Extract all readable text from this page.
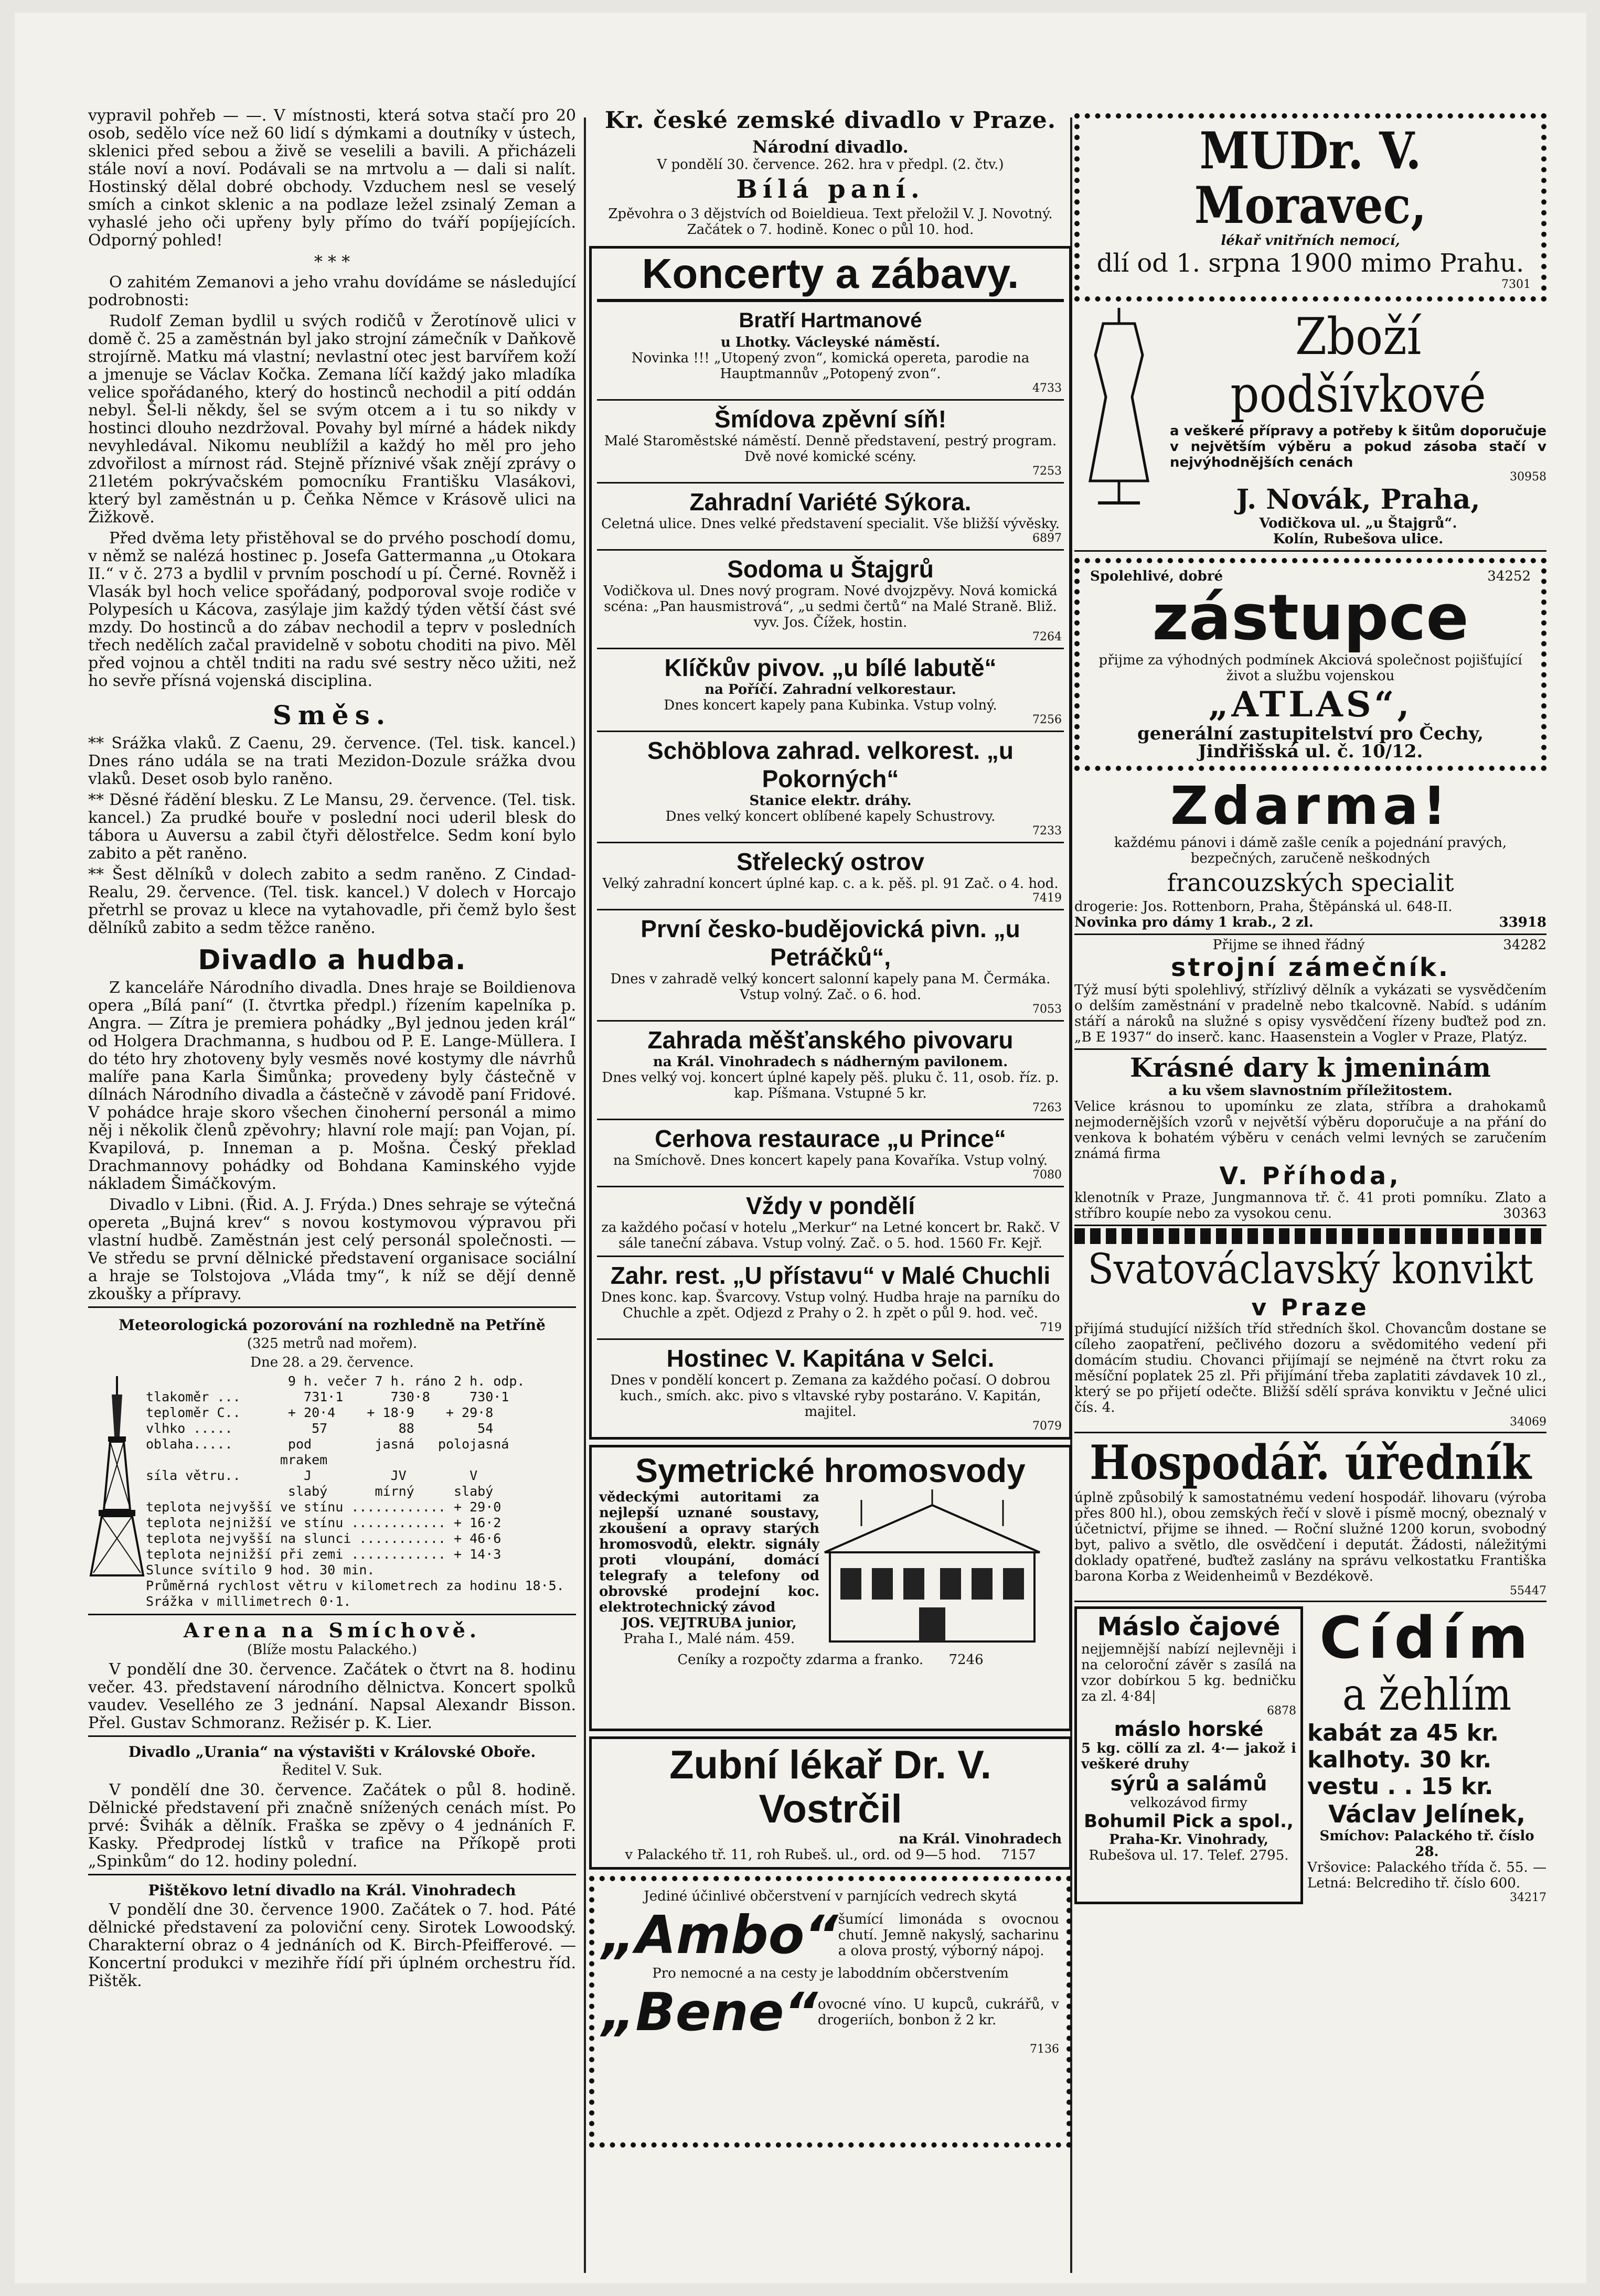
vypravil pohřeb — —. V místnosti, která sotva stačí pro 20 osob, sedělo více než 60 lidí s dýmkami a doutníky v ústech, sklenici před sebou a živě se veselili a bavili. A přicházeli stále noví a noví. Podávali se na mrtvolu a — dali si nalít. Hostinský dělal dobré obchody. Vzduchem nesl se veselý smích a cinkot sklenic a na podlaze ležel zsinalý Zeman a vyhaslé jeho oči upřeny byly přímo do tváří popíjejících. Odporný pohled!

* * *

O zahitém Zemanovi a jeho vrahu dovídáme se následující podrobnosti:

Rudolf Zeman bydlil u svých rodičů v Žerotínově ulici v domě č. 25 a zaměstnán byl jako strojní zámečník v Daňkově strojírně. Matku má vlastní; nevlastní otec jest barvířem koží a jmenuje se Václav Kočka. Zemana líčí každý jako mladíka velice spořádaného, který do hostinců nechodil a pití oddán nebyl. Šel-li někdy, šel se svým otcem a i tu so nikdy v hostinci dlouho nezdržoval. Povahy byl mírné a hádek nikdy nevyhledával. Nikomu neublížil a každý ho měl pro jeho zdvořilost a mírnost rád. Stejně příznivé však znějí zprávy o 21letém pokrývačském pomocníku Františku Vlasákovi, který byl zaměstnán u p. Čeňka Němce v Krásově ulici na Žižkově.

Před dvěma lety přistěhoval se do prvého poschodí domu, v němž se nalézá hostinec p. Josefa Gattermanna „u Otokara II.“ v č. 273 a bydlil v prvním poschodí u pí. Černé. Rovněž i Vlasák byl hoch velice spořádaný, podporoval svoje rodiče v Polypesích u Kácova, zasýlaje jim každý týden větší část své mzdy. Do hostinců a do zábav nechodil a teprv v posledních třech nedělích začal pravidelně v sobotu choditi na pivo. Měl před vojnou a chtěl tnditi na radu své sestry něco užiti, než ho sevře přísná vojenská disciplina.

Směs.

** Srážka vlaků. Z Caenu, 29. července. (Tel. tisk. kancel.) Dnes ráno udála se na trati Mezidon-Dozule srážka dvou vlaků. Deset osob bylo raněno.

** Děsné řádění blesku. Z Le Mansu, 29. července. (Tel. tisk. kancel.) Za prudké bouře v poslední noci uderil blesk do tábora u Auversu a zabil čtyři dělostřelce. Sedm koní bylo zabito a pět raněno.

** Šest dělníků v dolech zabito a sedm raněno. Z Cindad-Realu, 29. července. (Tel. tisk. kancel.) V dolech v Horcajo přetrhl se provaz u klece na vytahovadle, při čemž bylo šest dělníků zabito a sedm těžce raněno.

Divadlo a hudba.

Z kanceláře Národního divadla. Dnes hraje se Boildienova opera „Bílá paní“ (I. čtvrtka předpl.) řízením kapelníka p. Angra. — Zítra je premiera pohádky „Byl jednou jeden král“ od Holgera Drachmanna, s hudbou od P. E. Lange-Müllera. I do této hry zhotoveny byly vesměs nové kostymy dle návrhů malíře pana Karla Šimůnka; provedeny byly částečně v dílnách Národního divadla a částečně v závodě paní Fridové. V pohádce hraje skoro všechen činoherní personál a mimo něj i několik členů zpěvohry; hlavní role mají: pan Vojan, pí. Kvapilová, p. Inneman a p. Mošna. Český překlad Drachmannovy pohádky od Bohdana Kaminského vyjde nákladem Šimáčkovým.

Divadlo v Libni. (Řid. A. J. Frýda.) Dnes sehraje se výtečná opereta „Bujná krev“ s novou kostymovou výpravou při vlastní hudbě. Zaměstnán jest celý personál společnosti. — Ve středu se první dělnické představení organisace sociální a hraje se Tolstojova „Vláda tmy“, k níž se dějí denně zkoušky a přípravy.

Meteorologická pozorování na rozhledně na Petříně
(325 metrů nad mořem).
Dne 28. a 29. července.
9 h. večer 7 h. ráno 2 h. odp.
tlakoměr ...        731·1      730·8     730·1
teploměr C..      + 20·4    + 18·9    + 29·8
vlhko .....          57         88        54
oblaha.....       pod        jasná   polojasná
mrakem
síla větru..        J          JV        V
slabý      mírný     slabý
teplota nejvyšší ve stínu ............ + 29·0
teplota nejnižší ve stínu ............ + 16·2
teplota nejvyšší na slunci ........... + 46·6
teplota nejnižší při zemi ............ + 14·3
Slunce svítilo 9 hod. 30 min.
Průměrná rychlost větru v kilometrech za hodinu 18·5.
Srážka v millimetrech 0·1.
Arena na Smíchově.
(Blíže mostu Palackého.)

V pondělí dne 30. července. Začátek o čtvrt na 8. hodinu večer. 43. představení národního dělnictva. Koncert spolků vaudev. Vesellého ze 3 jednání. Napsal Alexandr Bisson. Přel. Gustav Schmoranz. Režisér p. K. Lier.

Divadlo „Urania“ na výstavišti v Královské Oboře.
Ředitel V. Suk.

V pondělí dne 30. července. Začátek o půl 8. hodině. Dělnické představení při značně snížených cenách míst. Po prvé: Švihák a dělník. Fraška se zpěvy o 4 jednáních F. Kasky. Předprodej lístků v trafice na Příkopě proti „Spinkům“ do 12. hodiny polední.

Pištěkovo letní divadlo na Král. Vinohradech

V pondělí dne 30. července 1900. Začátek o 7. hod. Páté dělnické představení za poloviční ceny. Sirotek Lowoodský. Charakterní obraz o 4 jednáních od K. Birch-Pfeifferové. — Koncertní produkci v mezihře řídí při úplném orchestru říd. Pištěk.

Kr. české zemské divadlo v Praze.
Národní divadlo.

V pondělí 30. července. 262. hra v předpl. (2. čtv.)

Bílá paní.

Zpěvohra o 3 dějstvích od Boieldieua. Text přeložil V. J. Novotný.

Začátek o 7. hodině. Konec o půl 10. hod.

Koncerty a zábavy.
Bratří Hartmanové

u Lhotky. Václeyské náměstí.

Novinka !!! „Utopený zvon“, komická opereta, parodie na Hauptmannův „Potopený zvon“.

4733
Šmídova zpěvní síň!

Malé Staroměstské náměstí. Denně představení, pestrý program. Dvě nové komické scény.

7253
Zahradní Variété Sýkora.

Celetná ulice. Dnes velké představení specialit. Vše bližší vývěsky.

6897
Sodoma u Štajgrů

Vodičkova ul. Dnes nový program. Nové dvojzpěvy. Nová komická scéna: „Pan hausmistrová“, „u sedmi čertů“ na Malé Straně. Bliž. vyv. Jos. Čížek, hostin.

7264
Klíčkův pivov. „u bílé labutě“

na Poříčí. Zahradní velkorestaur.

Dnes koncert kapely pana Kubinka. Vstup volný.

7256
Schöblova zahrad. velkorest. „u Pokorných“

Stanice elektr. dráhy.

Dnes velký koncert oblíbené kapely Schustrovy.

7233
Střelecký ostrov

Velký zahradní koncert úplné kap. c. a k. pěš. pl. 91 Zač. o 4. hod.

7419
První česko-budějovická pivn. „u Petráčků“,

Dnes v zahradě velký koncert salonní kapely pana M. Čermáka. Vstup volný. Zač. o 6. hod.

7053
Zahrada měšťanského pivovaru

na Král. Vinohradech s nádherným pavilonem.

Dnes velký voj. koncert úplné kapely pěš. pluku č. 11, osob. říz. p. kap. Píšmana. Vstupné 5 kr.

7263
Cerhova restaurace „u Prince“

na Smíchově. Dnes koncert kapely pana Kovaříka. Vstup volný.

7080
Vždy v pondělí

za každého počasí v hotelu „Merkur“ na Letné koncert br. Rakč. V sále taneční zábava. Vstup volný. Zač. o 5. hod. 1560 Fr. Kejř.

Zahr. rest. „U přístavu“ v Malé Chuchli

Dnes konc. kap. Švarcovy. Vstup volný. Hudba hraje na parníku do Chuchle a zpět. Odjezd z Prahy o 2. h zpět o půl 9. hod. več.

719
Hostinec V. Kapitána v Selci.

Dnes v pondělí koncert p. Zemana za každého počasí. O dobrou kuch., smích. akc. pivo s vltavské ryby postaráno. V. Kapitán, majitel.

7079
Symetrické hromosvody

vědeckými autoritami za nejlepší uznané soustavy, zkoušení a opravy starých hromosvodů, elektr. signály proti vloupání, domácí telegrafy a telefony od obrovské prodejní koc. elektrotechnický závod

JOS. VEJTRUBA junior,

Praha I., Malé nám. 459.

Ceníky a rozpočty zdarma a franko. 7246

Zubní lékař Dr. V. Vostrčil

na Král. Vinohradech

v Palackého tř. 11, roh Rubeš. ul., ord. od 9—5 hod. 7157

Jediné účinlivé občerstvení v parnjících vedrech skytá

„Ambo“ šumící limonáda s ovocnou chutí. Jemně nakyslý, sacharinu a olova prostý, výborný nápoj.

Pro nemocné a na cesty je laboddním občerstvením

„Bene“ ovocné víno. U kupců, cukrářů, v drogeriích, bonbon ž 2 kr.

7136
MUDr. V. Moravec,

lékař vnitřních nemocí,

dlí od 1. srpna 1900 mimo Prahu.

7301
Zboží podšívkové

a veškeré přípravy a potřeby k šitům doporučuje v největším výběru a pokud zásoba stačí v nejvýhodnějších cenách

30958
J. Novák, Praha,

Vodičkova ul. „u Štajgrů“.

Kolín, Rubešova ulice.

Spolehlivé, dobré	34252
zástupce

přijme za výhodných podmínek Akciová společnost pojišťující život a službu vojenskou

„ATLAS“,

generální zastupitelství pro Čechy, Jindřišská ul. č. 10/12.

Zdarma!

každému pánovi i dámě zašle ceník a pojednání pravých, bezpečných, zaručeně neškodných

francouzských specialit

drogerie: Jos. Rottenborn, Praha, Štěpánská ul. 648-II.

Novinka pro dámy 1 krab., 2 zl.	33918

Přijme se ihned řádný	34282

strojní zámečník.

Týž musí býti spolehlivý, střízlivý dělník a vykázati se vysvědčením o delším zaměstnání v pradelně nebo tkalcovně. Nabíd. s udáním stáří a nároků na služné s opisy vysvědčení řízeny buďtež pod zn. „B E 1937“ do inserč. kanc. Haasenstein a Vogler v Praze, Platýz.

Krásné dary k jmeninám

a ku všem slavnostním příležitostem.

Velice krásnou to upomínku ze zlata, stříbra a drahokamů nejmodernějších vzorů v největší výběru doporučuje a na přání do venkova k bohatém výběru v cenách velmi levných se zaručením známá firma

V. Příhoda,

klenotník v Praze, Jungmannova tř. č. 41 proti pomníku. Zlato a stříbro koupíe nebo za vysokou cenu.	30363

Svatováclavský konvikt
v Praze

přijímá studující nižších tříd středních škol. Chovancům dostane se cíleho zaopatření, pečlivého dozoru a svědomitého vedení při domácím studiu. Chovanci přijímají se nejméně na čtvrt roku za měsíční poplatek 25 zl. Při přijímání třeba zaplatiti závdavek 10 zl., který se po přijetí odečte. Bližší sdělí správa konviktu v Ječné ulici čís. 4.

34069
Hospodář. úředník

úplně způsobilý k samostatnému vedení hospodář. lihovaru (výroba přes 800 hl.), obou zemských řečí v slově i písmě mocný, obeznalý v účetnictví, přijme se ihned. — Roční služné 1200 korun, svobodný byt, palivo a světlo, dle osvědčení i deputát. Žádosti, náležitými doklady opatřené, buďtež zaslány na správu velkostatku Františka barona Korba z Weidenheimů v Bezdékově.

55447
Máslo čajové

nejjemnější nabízí nejlevněji i na celoroční závěr s zasílá na vzor dobírkou 5 kg. bedničku za zl. 4·84|

6878
máslo horské

5 kg. cöllí za zl. 4·— jakož i veškeré druhy

sýrů a salámů

velkozávod firmy

Bohumil Pick a spol.,

Praha-Kr. Vinohrady,

Rubešova ul. 17. Telef. 2795.

Cídím
a žehlím
kabát za 45 kr.
kalhoty. 30 kr.
vestu . . 15 kr.
Václav Jelínek,

Smíchov: Palackého tř. číslo 28.

Vršovice: Palackého třída č. 55. — Letná: Belcrediho tř. číslo 600.

34217
